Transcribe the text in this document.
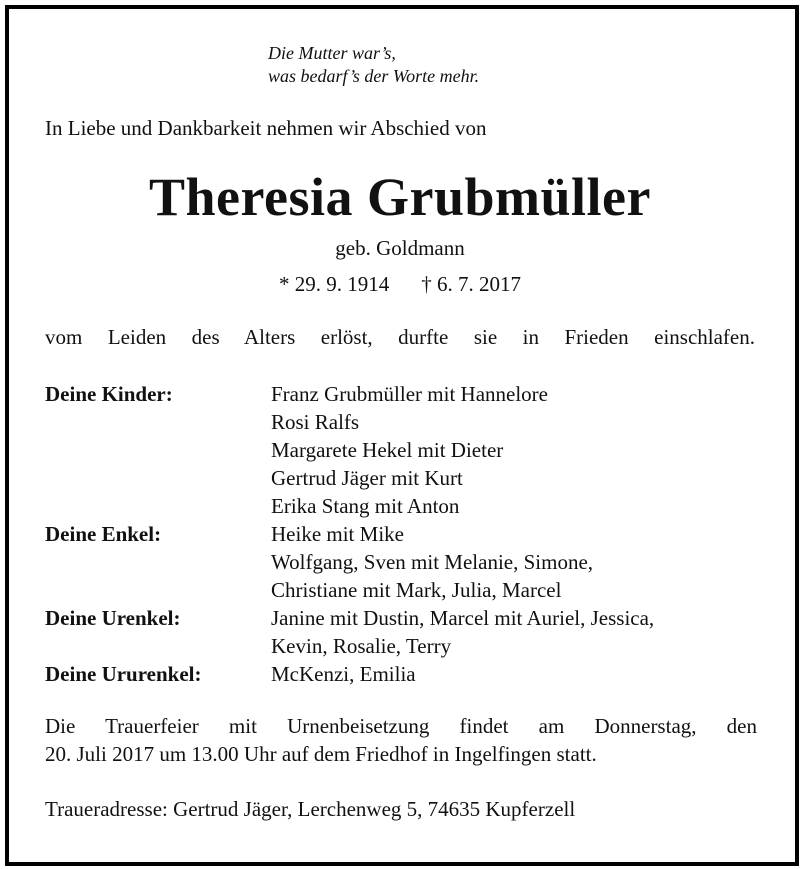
Die Mutter war’s,
was bedarf’s der Worte mehr.
In Liebe und Dankbarkeit nehmen wir Abschied von
Theresia Grubmüller
geb. Goldmann
* 29. 9. 1914 † 6. 7. 2017
vom Leiden des Alters erlöst, durfte sie in Frieden einschlafen.
Deine Kinder:	Franz Grubmüller mit Hannelore
Rosi Ralfs
Margarete Hekel mit Dieter
Gertrud Jäger mit Kurt
Erika Stang mit Anton
Deine Enkel:	Heike mit Mike
Wolfgang, Sven mit Melanie, Simone,
Christiane mit Mark, Julia, Marcel
Deine Urenkel:	Janine mit Dustin, Marcel mit Auriel, Jessica,
Kevin, Rosalie, Terry
Deine Ururenkel:	McKenzi, Emilia
Die Trauerfeier mit Urnenbeisetzung findet am Donnerstag, den
20. Juli 2017 um 13.00 Uhr auf dem Friedhof in Ingelfingen statt.
Traueradresse: Gertrud Jäger, Lerchenweg 5, 74635 Kupferzell
